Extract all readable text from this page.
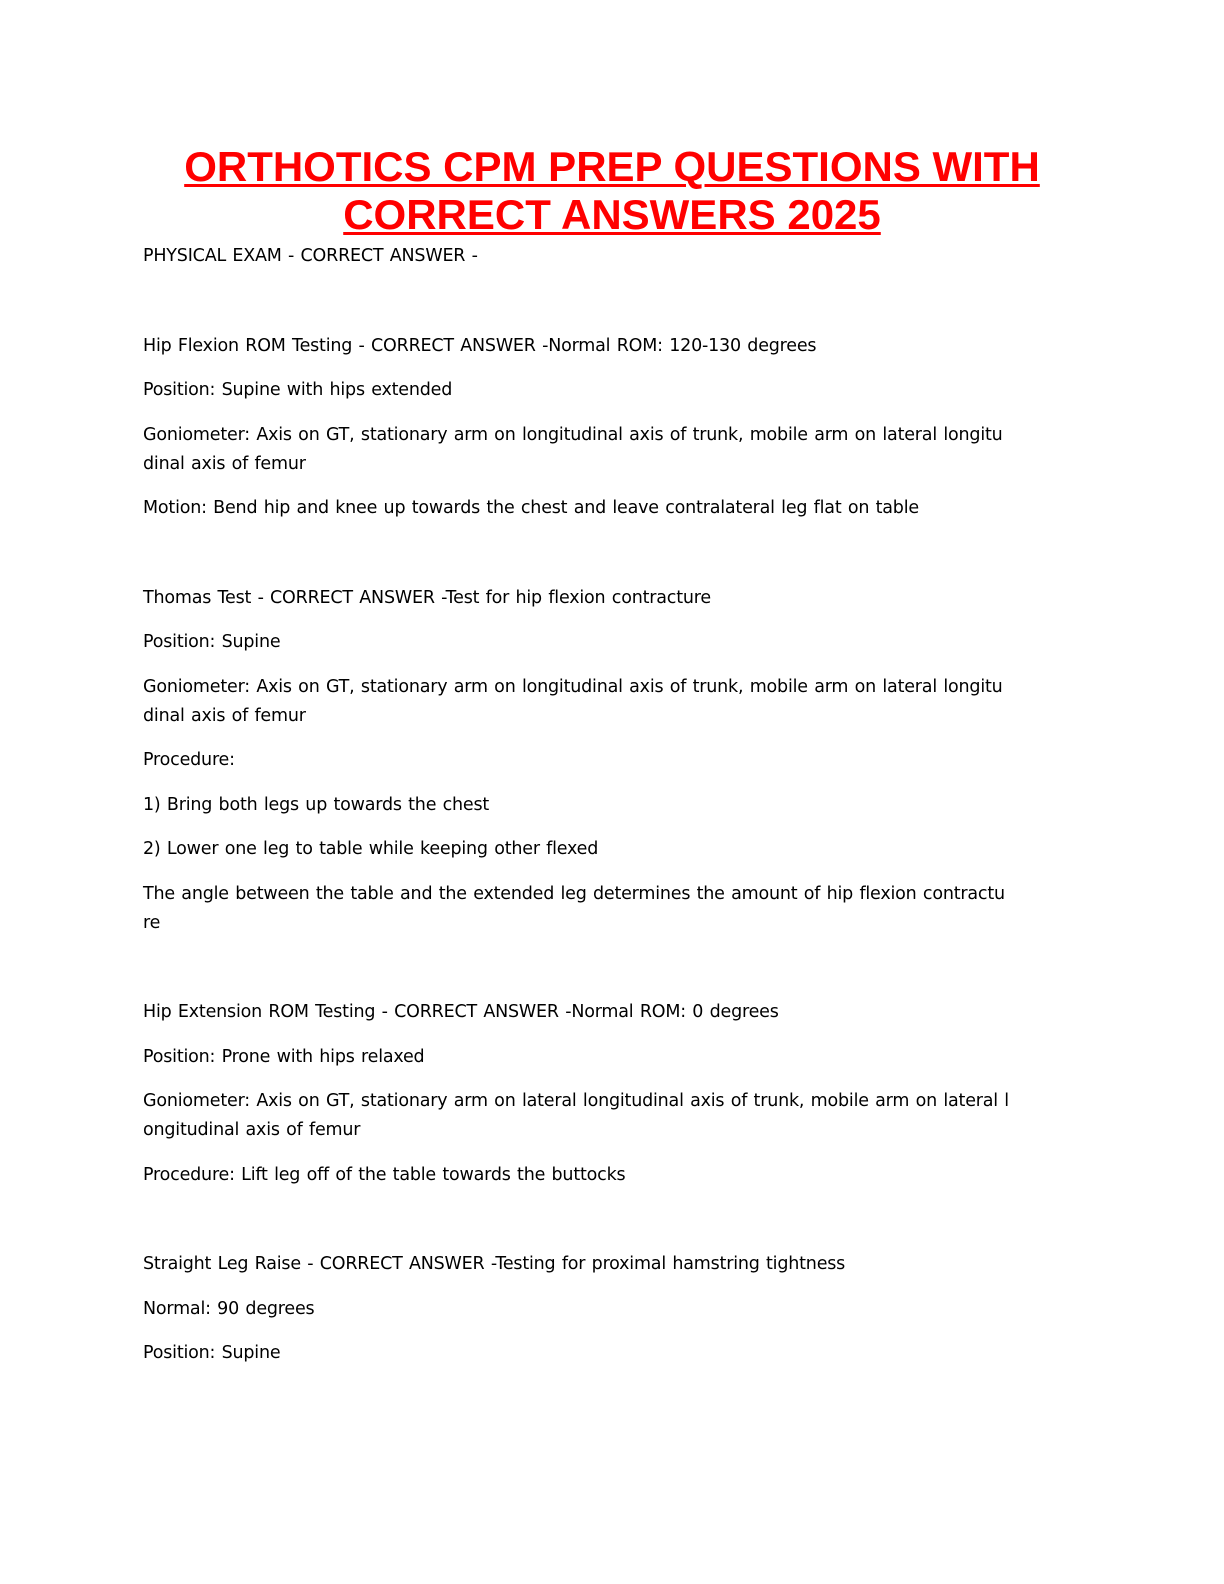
ORTHOTICS CPM PREP QUESTIONS WITH CORRECT ANSWERS 2025

PHYSICAL EXAM - CORRECT ANSWER -

Hip Flexion ROM Testing - CORRECT ANSWER -Normal ROM: 120-130 degrees

Position: Supine with hips extended

Goniometer: Axis on GT, stationary arm on longitudinal axis of trunk, mobile arm on lateral longitu
dinal axis of femur

Motion: Bend hip and knee up towards the chest and leave contralateral leg flat on table

Thomas Test - CORRECT ANSWER -Test for hip flexion contracture

Position: Supine

Goniometer: Axis on GT, stationary arm on longitudinal axis of trunk, mobile arm on lateral longitu
dinal axis of femur

Procedure:

1) Bring both legs up towards the chest

2) Lower one leg to table while keeping other flexed

The angle between the table and the extended leg determines the amount of hip flexion contractu
re

Hip Extension ROM Testing - CORRECT ANSWER -Normal ROM: 0 degrees

Position: Prone with hips relaxed

Goniometer: Axis on GT, stationary arm on lateral longitudinal axis of trunk, mobile arm on lateral l
ongitudinal axis of femur

Procedure: Lift leg off of the table towards the buttocks

Straight Leg Raise - CORRECT ANSWER -Testing for proximal hamstring tightness

Normal: 90 degrees

Position: Supine
